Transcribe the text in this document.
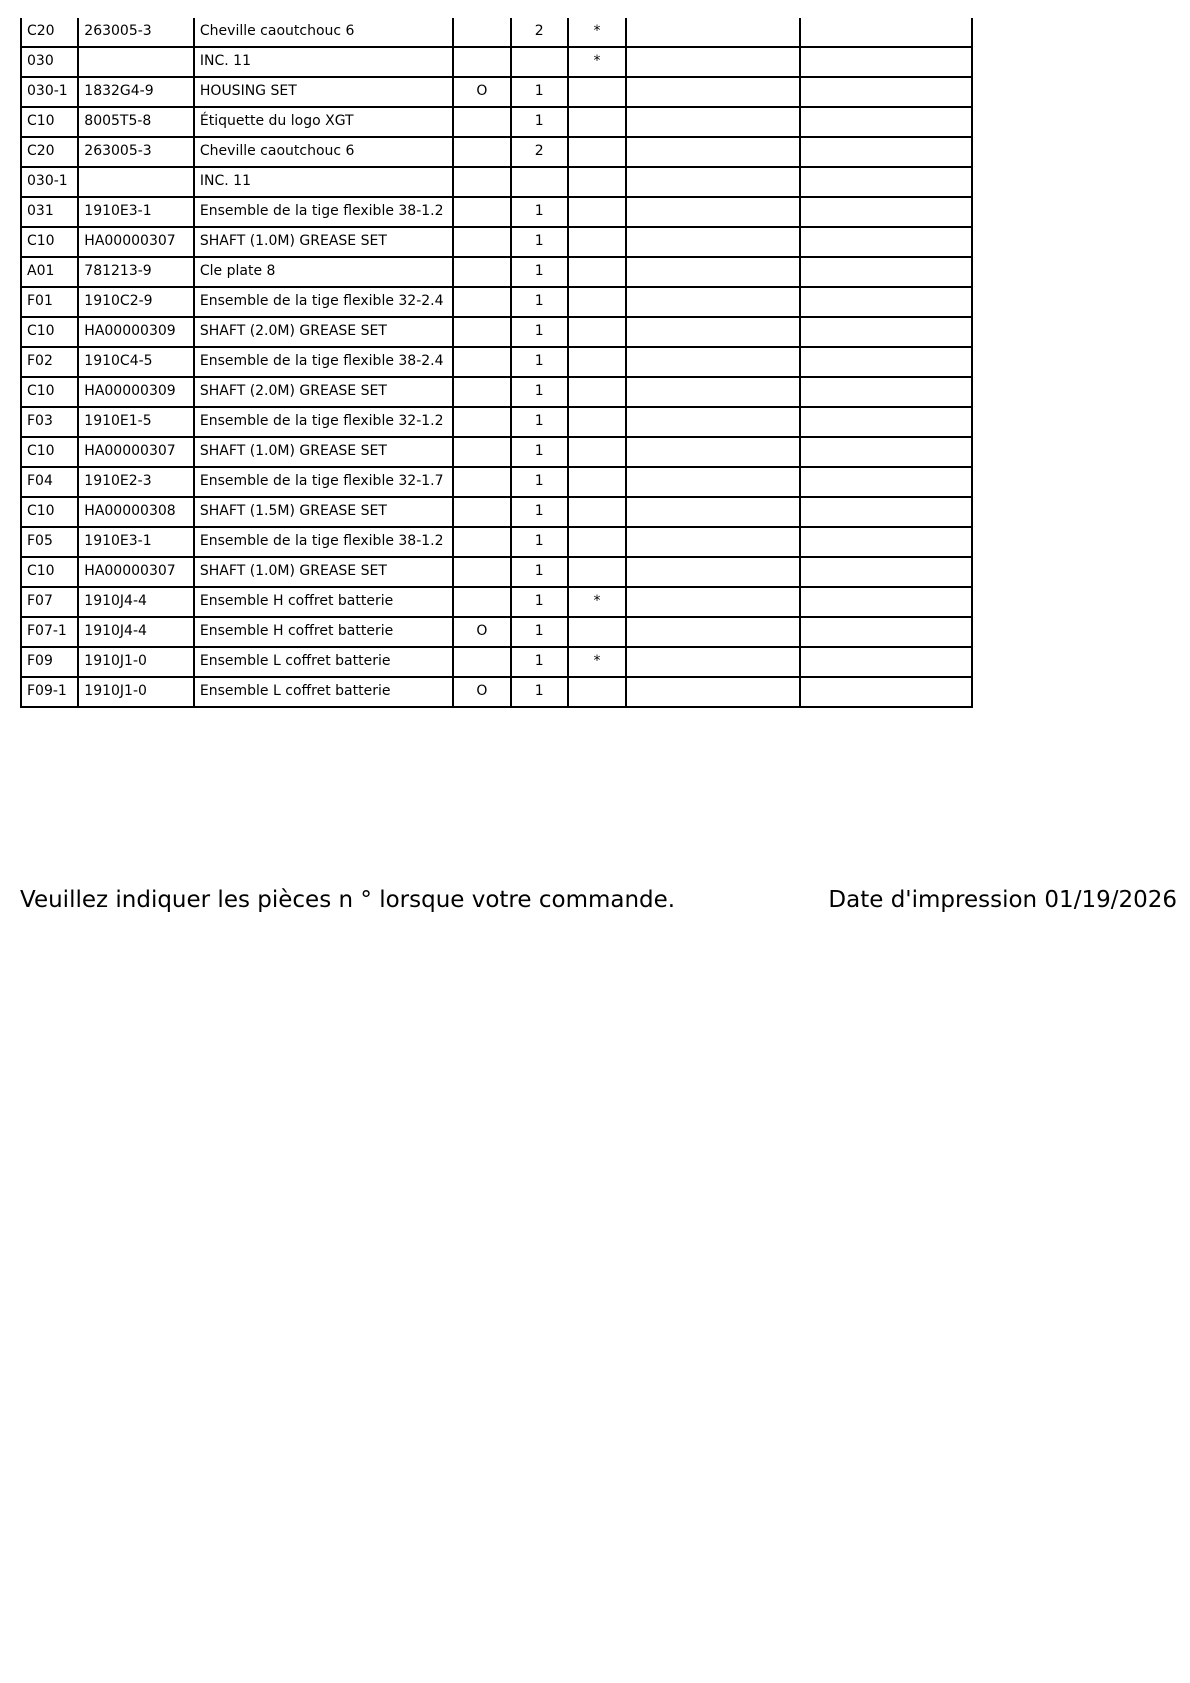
C20	263005-3	Cheville caoutchouc 6		2	*		
030		INC. 11			*		
030-1	1832G4-9	HOUSING SET	O	1			
C10	8005T5-8	Étiquette du logo XGT		1			
C20	263005-3	Cheville caoutchouc 6		2			
030-1		INC. 11					
031	1910E3-1	Ensemble de la tige flexible 38-1.2		1			
C10	HA00000307	SHAFT (1.0M) GREASE SET		1			
A01	781213-9	Cle plate 8		1			
F01	1910C2-9	Ensemble de la tige flexible 32-2.4		1			
C10	HA00000309	SHAFT (2.0M) GREASE SET		1			
F02	1910C4-5	Ensemble de la tige flexible 38-2.4		1			
C10	HA00000309	SHAFT (2.0M) GREASE SET		1			
F03	1910E1-5	Ensemble de la tige flexible 32-1.2		1			
C10	HA00000307	SHAFT (1.0M) GREASE SET		1			
F04	1910E2-3	Ensemble de la tige flexible 32-1.7		1			
C10	HA00000308	SHAFT (1.5M) GREASE SET		1			
F05	1910E3-1	Ensemble de la tige flexible 38-1.2		1			
C10	HA00000307	SHAFT (1.0M) GREASE SET		1			
F07	1910J4-4	Ensemble H coffret batterie		1	*		
F07-1	1910J4-4	Ensemble H coffret batterie	O	1			
F09	1910J1-0	Ensemble L coffret batterie		1	*		
F09-1	1910J1-0	Ensemble L coffret batterie	O	1			
Veuillez indiquer les pièces n ° lorsque votre commande.	Date d'impression 01/19/2026
